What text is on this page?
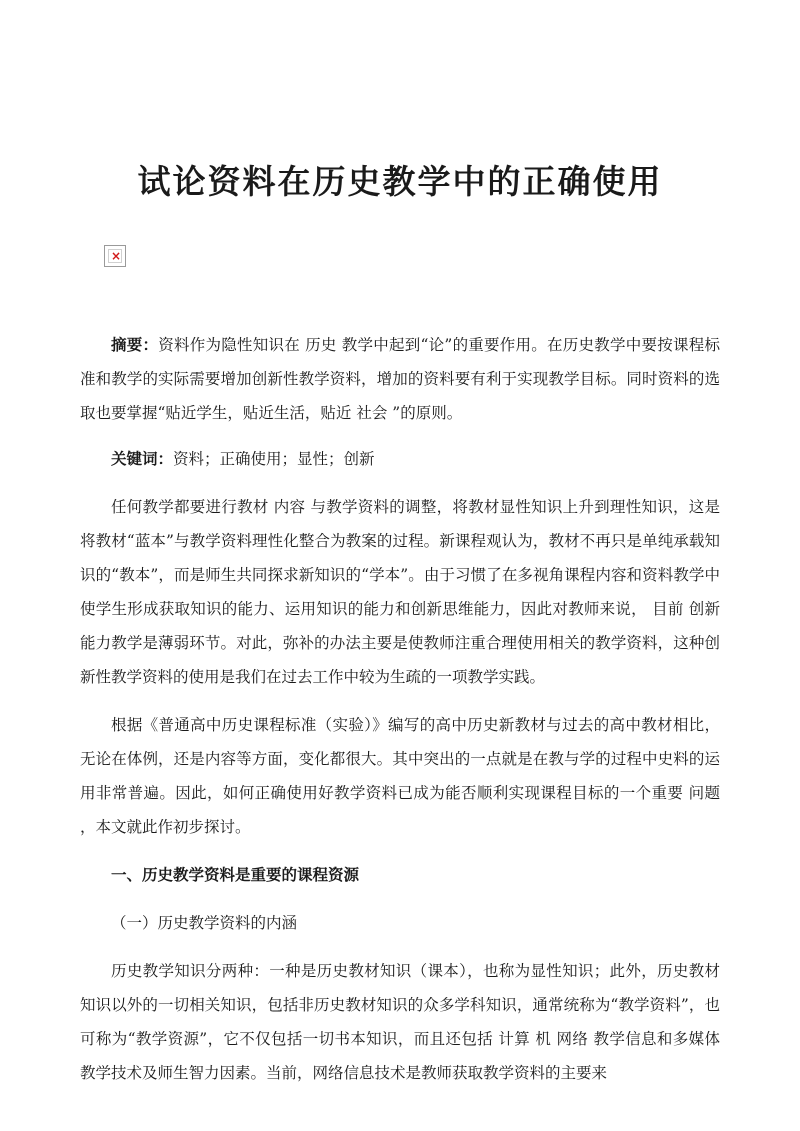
试论资料在历史教学中的正确使用
×

摘要：资料作为隐性知识在 历史 教学中起到“论”的重要作用。在历史教学中要按课程标准和教学的实际需要增加创新性教学资料，增加的资料要有利于实现教学目标。同时资料的选取也要掌握“贴近学生，贴近生活，贴近 社会 ”的原则。

关键词：资料；正确使用；显性；创新

任何教学都要进行教材 内容 与教学资料的调整，将教材显性知识上升到理性知识，这是将教材“蓝本”与教学资料理性化整合为教案的过程。新课程观认为，教材不再只是单纯承载知识的“教本”，而是师生共同探求新知识的“学本”。由于习惯了在多视角课程内容和资料教学中使学生形成获取知识的能力、运用知识的能力和创新思维能力，因此对教师来说， 目前 创新能力教学是薄弱环节。对此，弥补的办法主要是使教师注重合理使用相关的教学资料，这种创新性教学资料的使用是我们在过去工作中较为生疏的一项教学实践。

根据《普通高中历史课程标准（实验）》编写的高中历史新教材与过去的高中教材相比，无论在体例，还是内容等方面，变化都很大。其中突出的一点就是在教与学的过程中史料的运用非常普遍。因此，如何正确使用好教学资料已成为能否顺利实现课程目标的一个重要 问题 ，本文就此作初步探讨。

一、历史教学资料是重要的课程资源

（一）历史教学资料的内涵

历史教学知识分两种：一种是历史教材知识（课本），也称为显性知识；此外，历史教材知识以外的一切相关知识，包括非历史教材知识的众多学科知识，通常统称为“教学资料”，也可称为“教学资源”，它不仅包括一切书本知识，而且还包括 计算 机 网络 教学信息和多媒体教学技术及师生智力因素。当前，网络信息技术是教师获取教学资料的主要来
